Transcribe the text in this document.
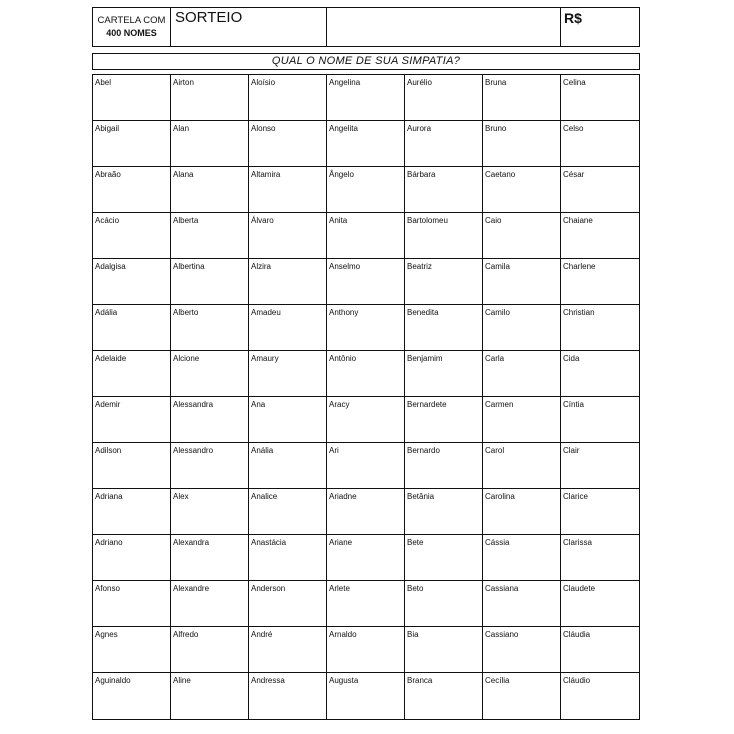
CARTELA COM
400 NOMES
SORTEIO	R$
QUAL O NOME DE SUA SIMPATIA?
Abel	Airton	Aloísio	Angelina	Aurélio	Bruna	Celina
Abigail	Alan	Alonso	Angelita	Aurora	Bruno	Celso
Abraão	Alana	Altamira	Ângelo	Bárbara	Caetano	César
Acácio	Alberta	Álvaro	Anita	Bartolomeu	Caio	Chaiane
Adalgisa	Albertina	Alzira	Anselmo	Beatriz	Camila	Charlene
Adália	Alberto	Amadeu	Anthony	Benedita	Camilo	Christian
Adelaide	Alcione	Amaury	Antônio	Benjamim	Carla	Cida
Ademir	Alessandra	Ana	Aracy	Bernardete	Carmen	Cíntia
Adilson	Alessandro	Anália	Ari	Bernardo	Carol	Clair
Adriana	Alex	Analice	Ariadne	Betânia	Carolina	Clarice
Adriano	Alexandra	Anastácia	Ariane	Bete	Cássia	Clarissa
Afonso	Alexandre	Anderson	Arlete	Beto	Cassiana	Claudete
Agnes	Alfredo	André	Arnaldo	Bia	Cassiano	Cláudia
Aguinaldo	Aline	Andressa	Augusta	Branca	Cecília	Cláudio
